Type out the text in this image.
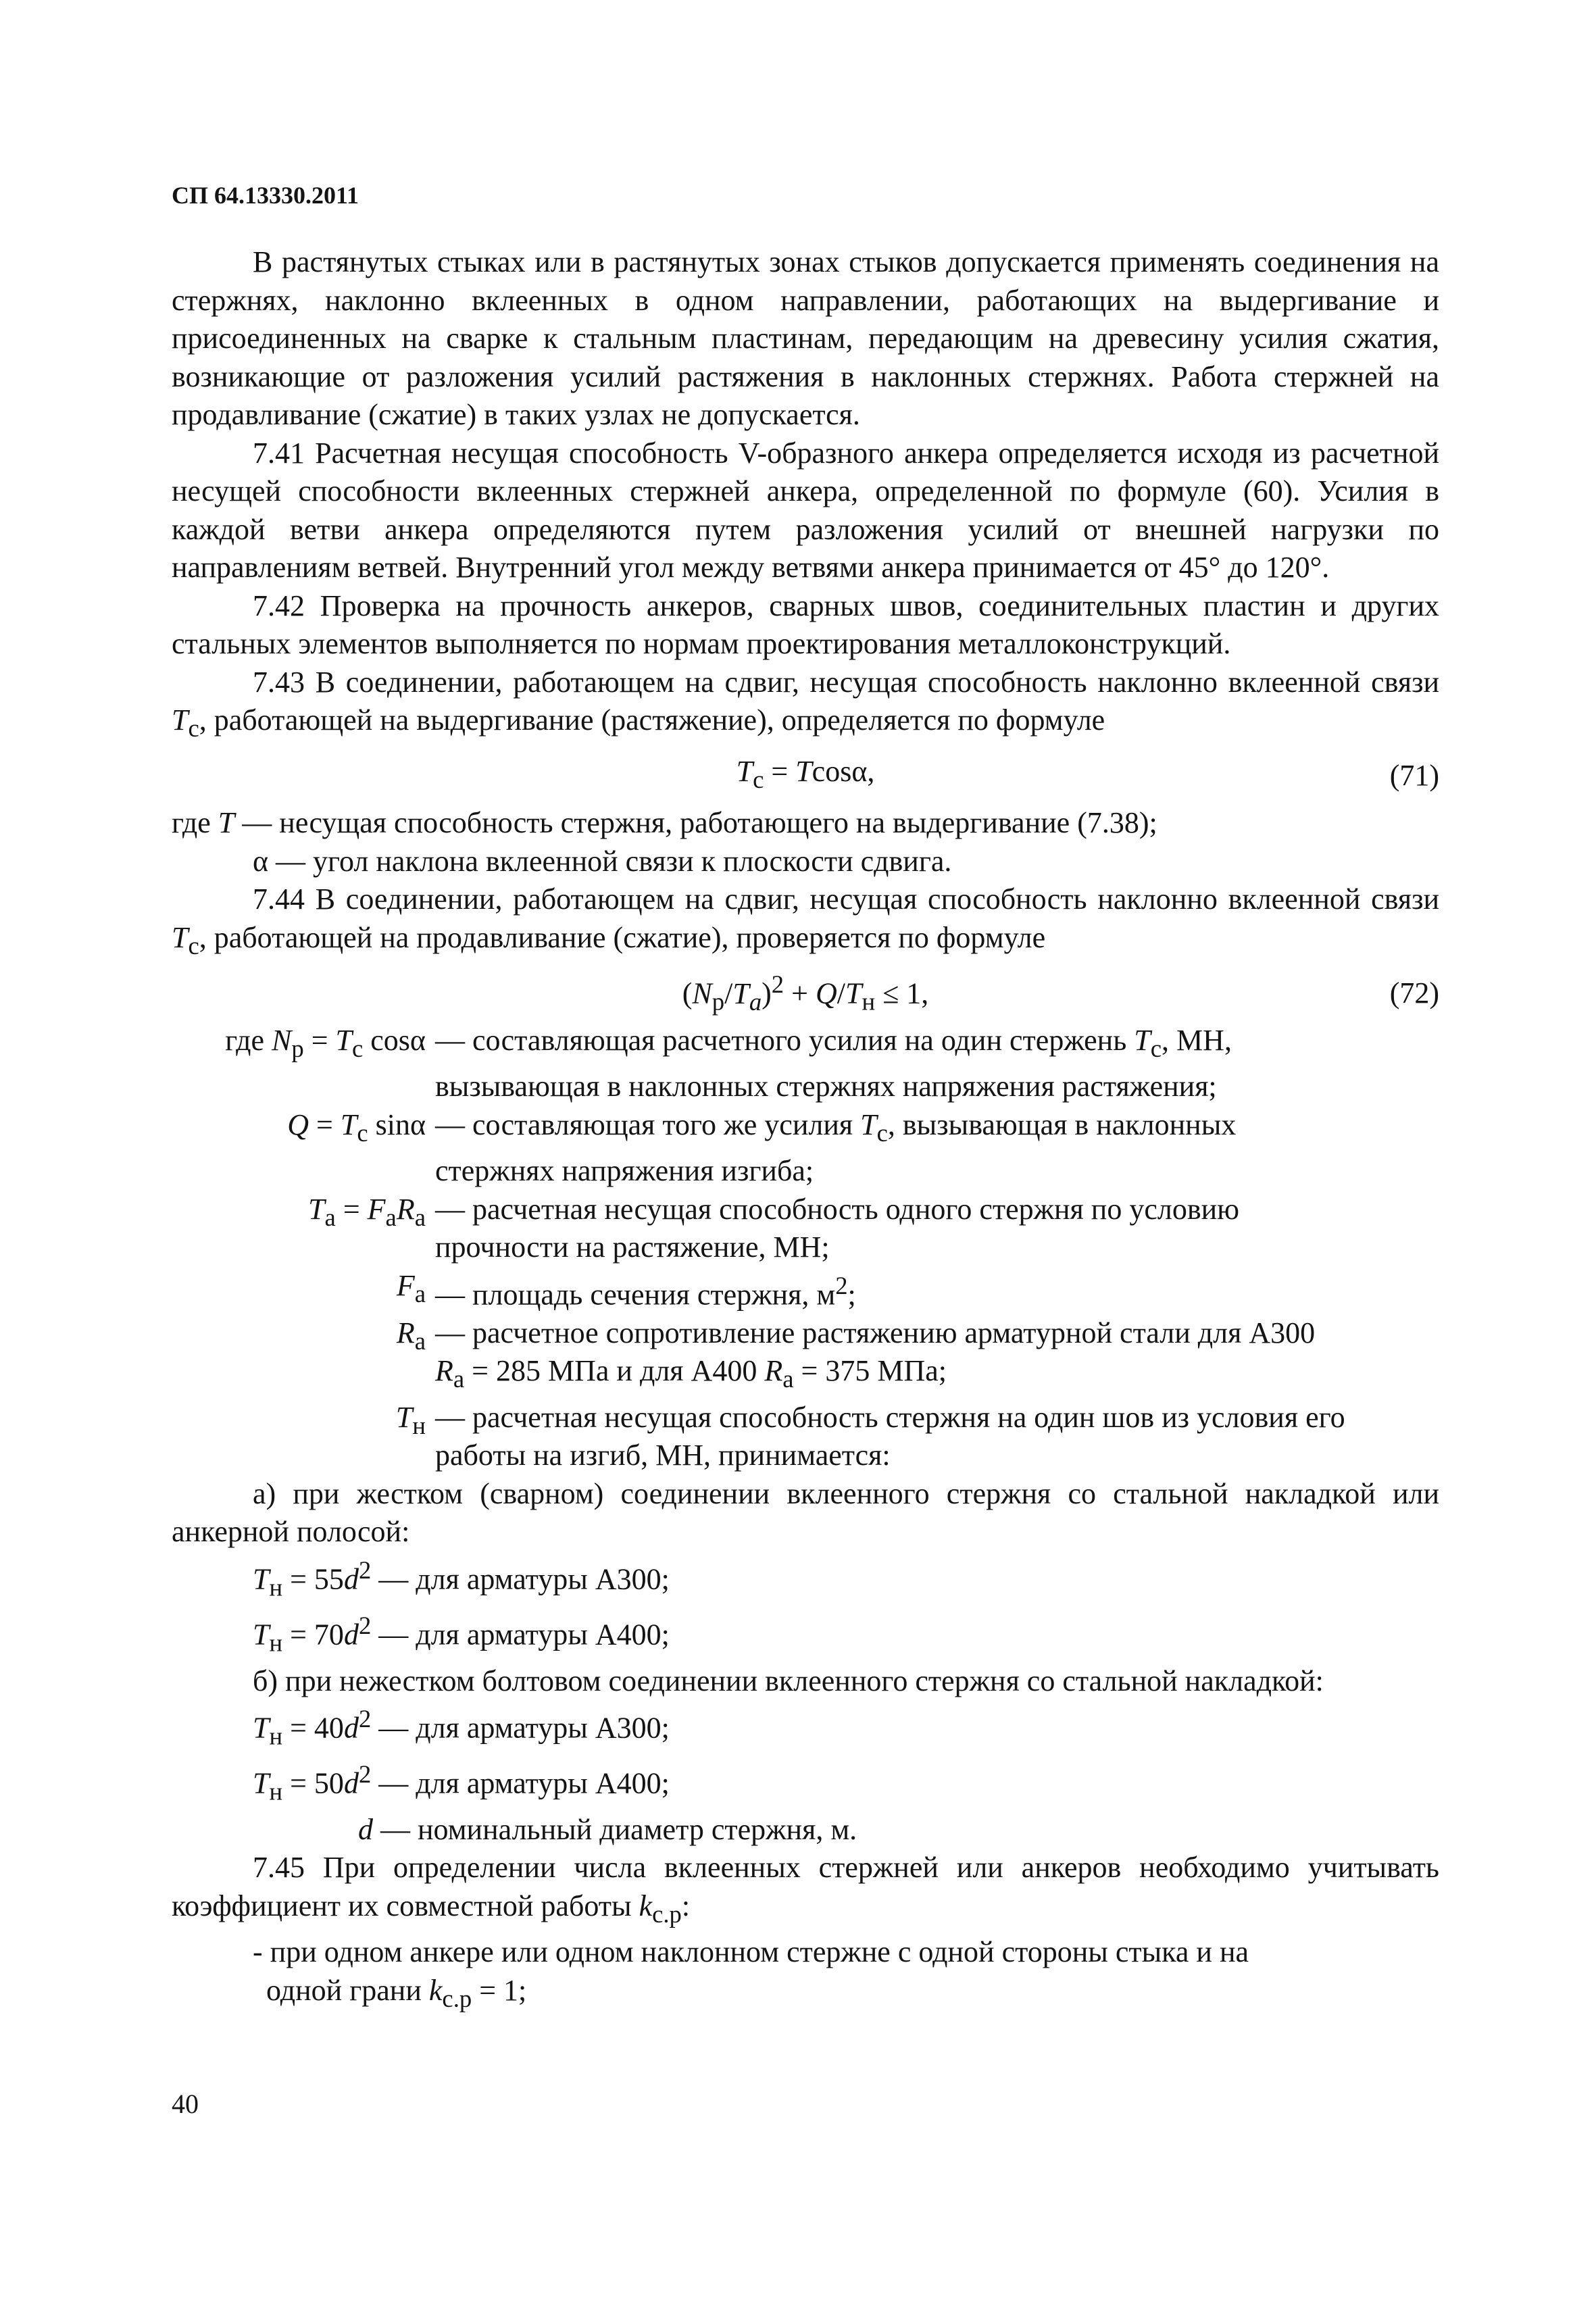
СП 64.13330.2011

В растянутых стыках или в растянутых зонах стыков допускается применять соединения на стержнях, наклонно вклеенных в одном направлении, работающих на выдергивание и присоединенных на сварке к стальным пластинам, передающим на древесину усилия сжатия, возникающие от разложения усилий растяжения в наклонных стержнях. Работа стержней на продавливание (сжатие) в таких узлах не допускается.

7.41 Расчетная несущая способность V-образного анкера определяется исходя из расчетной несущей способности вклеенных стержней анкера, определенной по формуле (60). Усилия в каждой ветви анкера определяются путем разложения усилий от внешней нагрузки по направлениям ветвей. Внутренний угол между ветвями анкера принимается от 45° до 120°.

7.42 Проверка на прочность анкеров, сварных швов, соединительных пластин и других стальных элементов выполняется по нормам проектирования металлоконструкций.

7.43 В соединении, работающем на сдвиг, несущая способность наклонно вклеенной связи $T_c$, работающей на выдергивание (растяжение), определяется по формуле

$T_c = Tcos\alpha$,	(71)

где T — несущая способность стержня, работающего на выдергивание (7.38);

α — угол наклона вклеенной связи к плоскости сдвига.

7.44 В соединении, работающем на сдвиг, несущая способность наклонно вклеенной связи $T_c$, работающей на продавливание (сжатие), проверяется по формуле

$(N_p/T_a)^2 + Q/T_н \le 1$,	(72)
где $N_p = T_c$ cosα — составляющая расчетного усилия на один стержень $T_c$, МН,
вызывающая в наклонных стержнях напряжения растяжения;
$Q = T_c$ sinα — составляющая того же усилия $T_c$, вызывающая в наклонных
стержнях напряжения изгиба;
$T_a = F_aR_a$ — расчетная несущая способность одного стержня по условию
прочности на растяжение, МН;
$F_a$ — площадь сечения стержня, $м^2$;
$R_a$ — расчетное сопротивление растяжению арматурной стали для А300
$R_a = 285$ МПа и для А400 $R_a = 375$ МПа;
$T_н$ — расчетная несущая способность стержня на один шов из условия его
работы на изгиб, МН, принимается:

а) при жестком (сварном) соединении вклеенного стержня со стальной накладкой или анкерной полосой:

$T_н = 55d^2$ — для арматуры А300;

$T_н = 70d^2$ — для арматуры А400;

б) при нежестком болтовом соединении вклеенного стержня со стальной накладкой:

$T_н = 40d^2$ — для арматуры А300;

$T_н = 50d^2$ — для арматуры А400;

d — номинальный диаметр стержня, м.

7.45 При определении числа вклеенных стержней или анкеров необходимо учитывать коэффициент их совместной работы $k_{с.р}$:

- при одном анкере или одном наклонном стержне с одной стороны стыка и на

одной грани $k_{с.р} = 1$;

40
